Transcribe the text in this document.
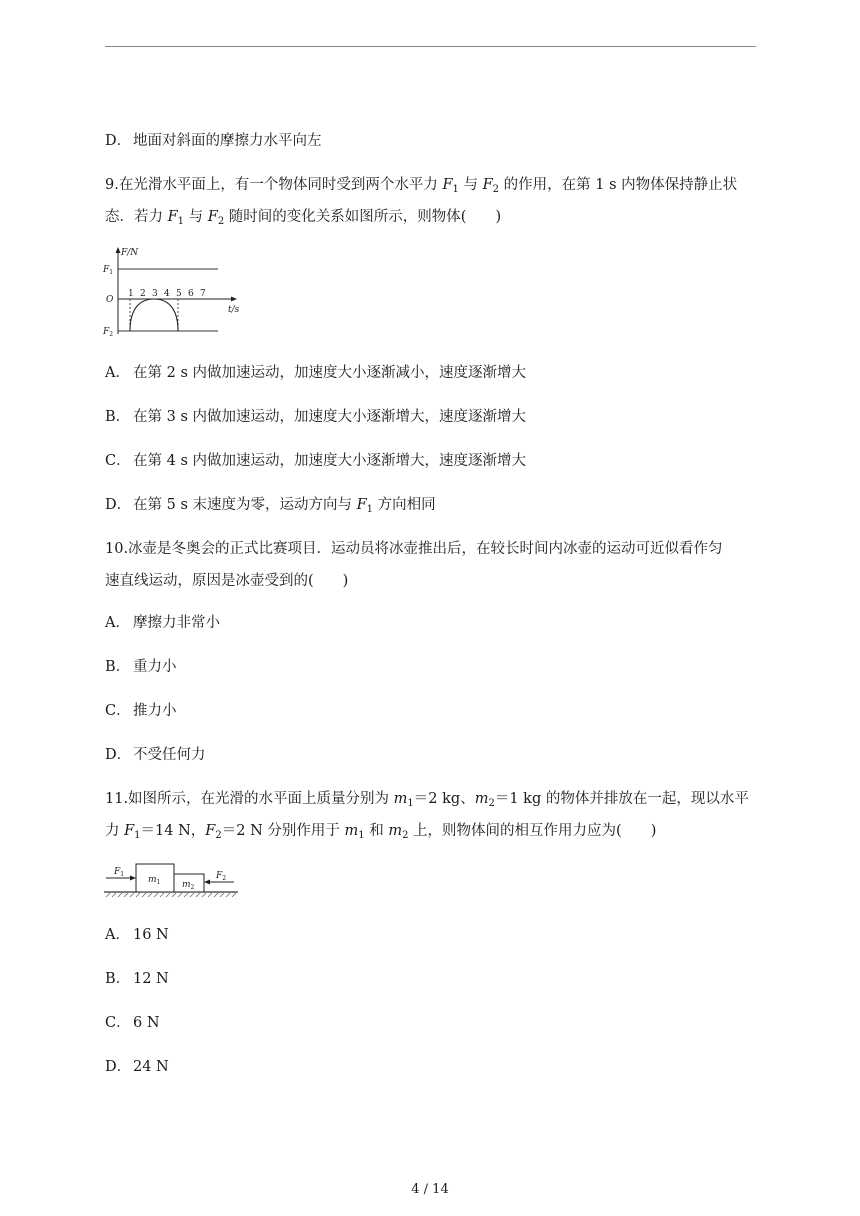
D． 地面对斜面的摩擦力水平向左
9.在光滑水平面上，有一个物体同时受到两个水平力 $F_1$ 与 $F_2$ 的作用，在第 1 s 内物体保持静止状
态．若力 $F_1$ 与 $F_2$ 随时间的变化关系如图所示，则物体(　　)
F/N
t/s
O
$F_1$
$F_2$
1 2 3 4 5 6 7
A． 在第 2 s 内做加速运动，加速度大小逐渐减小，速度逐渐增大
B． 在第 3 s 内做加速运动，加速度大小逐渐增大，速度逐渐增大
C． 在第 4 s 内做加速运动，加速度大小逐渐增大，速度逐渐增大
D． 在第 5 s 末速度为零，运动方向与 $F_1$ 方向相同
10.冰壶是冬奥会的正式比赛项目．运动员将冰壶推出后，在较长时间内冰壶的运动可近似看作匀
速直线运动，原因是冰壶受到的(　　)
A． 摩擦力非常小
B． 重力小
C． 推力小
D． 不受任何力
11.如图所示，在光滑的水平面上质量分别为 $m_1=2$ kg、$m_2=1$ kg 的物体并排放在一起，现以水平
力 $F_1=14$ N，$F_2=2$ N 分别作用于 $m_1$ 和 $m_2$ 上，则物体间的相互作用力应为(　　)
$F_1$	$F_2$
$m_1$ $m_2$
A． 16 N
B． 12 N
C． 6 N
D． 24 N
4 / 14
